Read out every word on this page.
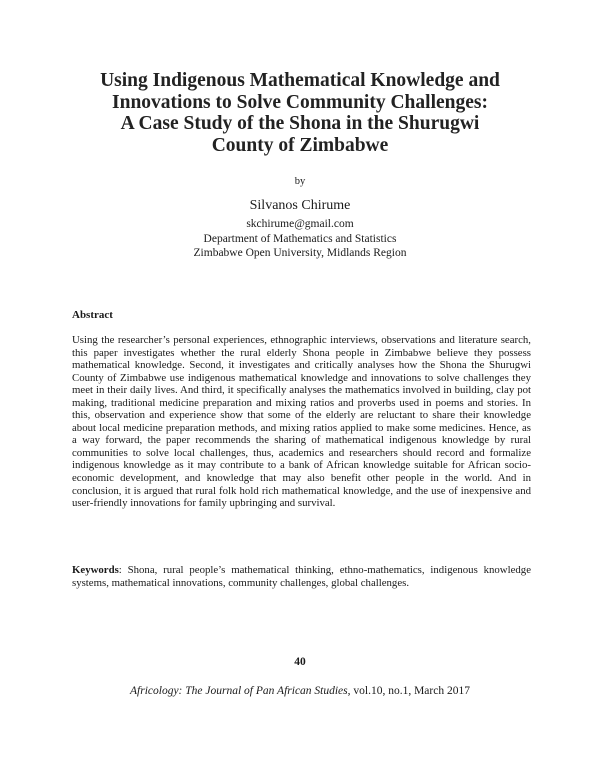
Using Indigenous Mathematical Knowledge and
Innovations to Solve Community Challenges:
A Case Study of the Shona in the Shurugwi
County of Zimbabwe
by
Silvanos Chirume
skchirume@gmail.com
Department of Mathematics and Statistics
Zimbabwe Open University, Midlands Region
Abstract

Using the researcher’s personal experiences, ethnographic interviews, observations and literature search, this paper investigates whether the rural elderly Shona people in Zimbabwe believe they possess mathematical knowledge. Second, it investigates and critically analyses how the Shona the Shurugwi County of Zimbabwe use indigenous mathematical knowledge and innovations to solve challenges they meet in their daily lives. And third, it specifically analyses the mathematics involved in building, clay pot making, traditional medicine preparation and mixing ratios and proverbs used in poems and stories. In this, observation and experience show that some of the elderly are reluctant to share their knowledge about local medicine preparation methods, and mixing ratios applied to make some medicines. Hence, as a way forward, the paper recommends the sharing of mathematical indigenous knowledge by rural communities to solve local challenges, thus, academics and researchers should record and formalize indigenous knowledge as it may contribute to a bank of African knowledge suitable for African socio-economic development, and knowledge that may also benefit other people in the world. And in conclusion, it is argued that rural folk hold rich mathematical knowledge, and the use of inexpensive and user-friendly innovations for family upbringing and survival.

Keywords: Shona, rural people’s mathematical thinking, ethno-mathematics, indigenous knowledge systems, mathematical innovations, community challenges, global challenges.

40
Africology: The Journal of Pan African Studies, vol.10, no.1, March 2017
